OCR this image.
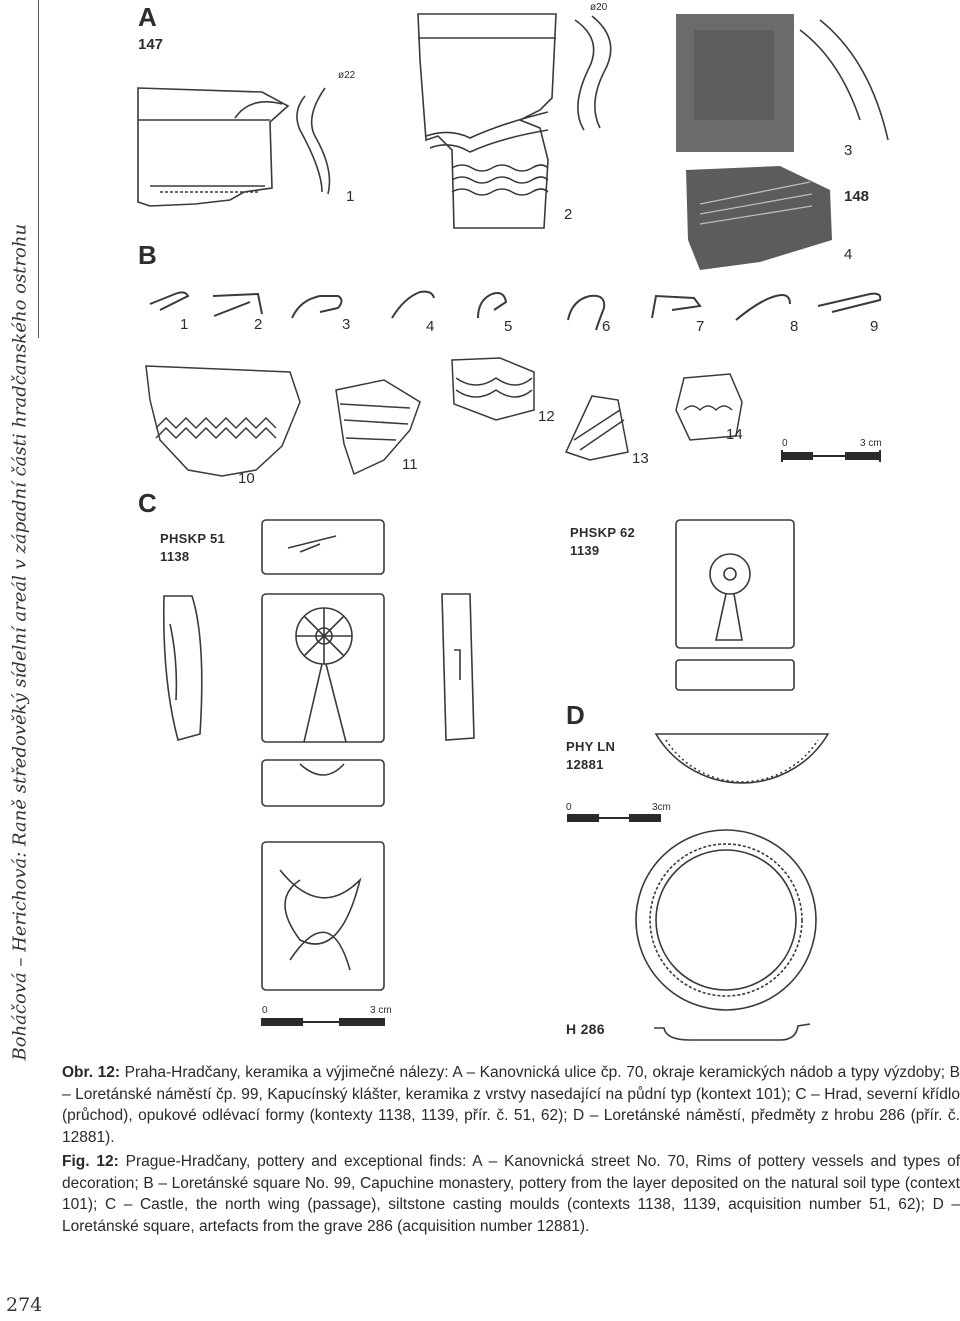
Boháčová – Herichová: Raně středověký sídelní areál v západní části hradčanského ostrohu
A
147
ø22
ø20
1
2
3
148
4
B
1	2	3	4	5	6	7	8	9
10
11
12
13
14
0	3 cm
C
PHSKP 51
1138
PHSKP 62
1139
0	3 cm
D
PHY LN
12881
0	3cm
H 286

Obr. 12: Praha-Hradčany, keramika a výjimečné nálezy: A – Kanovnická ulice čp. 70, okraje keramických nádob a typy výzdoby; B – Loretánské náměstí čp. 99, Kapucínský klášter, keramika z vrstvy nasedající na půdní typ (kontext 101); C – Hrad, severní křídlo (průchod), opukové odlévací formy (kontexty 1138, 1139, přír. č. 51, 62); D – Loretánské náměstí, předměty z hrobu 286 (přír. č. 12881).

Fig. 12: Prague-Hradčany, pottery and exceptional finds: A – Kanovnická street No. 70, Rims of pottery vessels and types of decoration; B – Loretánské square No. 99, Capuchine monastery, pottery from the layer deposited on the natural soil type (context 101); C – Castle, the north wing (passage), siltstone casting moulds (contexts 1138, 1139, acquisition number 51, 62); D – Loretánské square, artefacts from the grave 286 (acquisition number 12881).

274
